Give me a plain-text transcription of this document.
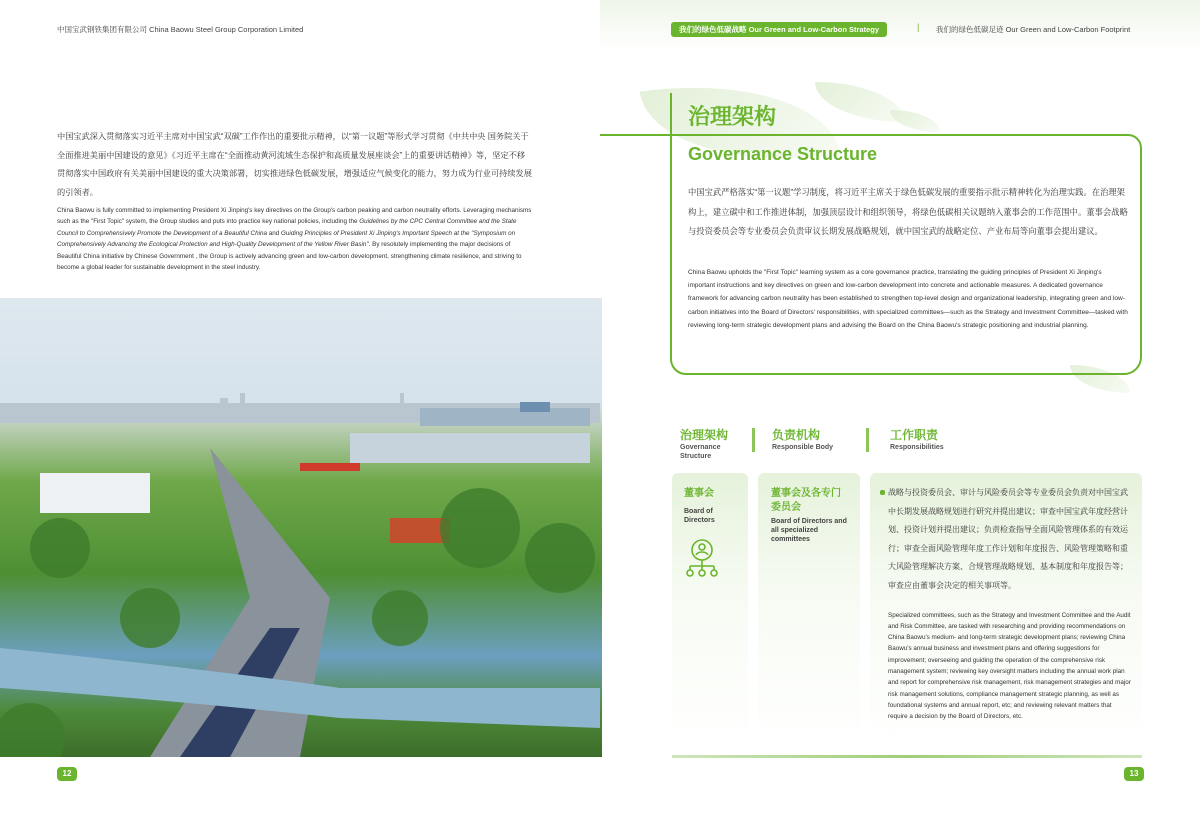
中国宝武钢铁集团有限公司 China Baowu Steel Group Corporation Limited	我们的绿色低碳战略 Our Green and Low-Carbon Strategy	| 我们的绿色低碳足迹 Our Green and Low-Carbon Footprint

中国宝武深入贯彻落实习近平主席对中国宝武“双碳”工作作出的重要批示精神，以“第一议题”等形式学习贯彻《中共中央 国务院关于全面推进美丽中国建设的意见》《习近平主席在“全面推动黄河流域生态保护和高质量发展座谈会”上的重要讲话精神》等，坚定不移贯彻落实中国政府有关美丽中国建设的重大决策部署，切实推进绿色低碳发展，增强适应气候变化的能力，努力成为行业可持续发展的引领者。

China Baowu is fully committed to implementing President Xi Jinping's key directives on the Group's carbon peaking and carbon neutrality efforts. Leveraging mechanisms such as the "First Topic" system, the Group studies and puts into practice key national policies, including the Guidelines by the CPC Central Committee and the State Council to Comprehensively Promote the Development of a Beautiful China and Guiding Principles of President Xi Jinping's Important Speech at the "Symposium on Comprehensively Advancing the Ecological Protection and High-Quality Development of the Yellow River Basin". By resolutely implementing the major decisions of Beautiful China initiative by Chinese Government , the Group is actively advancing green and low-carbon development, strengthening climate resilience, and striving to become a global leader for sustainable development in the steel industry.

12
治理架构
Governance Structure

中国宝武严格落实“第一议题”学习制度，将习近平主席关于绿色低碳发展的重要指示批示精神转化为治理实践。在治理架构上，建立碳中和工作推进体制，加强顶层设计和组织领导，将绿色低碳相关议题纳入董事会的工作范围中。董事会战略与投资委员会等专业委员会负责审议长期发展战略规划，就中国宝武的战略定位、产业布局等向董事会提出建议。

China Baowu upholds the "First Topic" learning system as a core governance practice, translating the guiding principles of President Xi Jinping's important instructions and key directives on green and low-carbon development into concrete and actionable measures. A dedicated governance framework for advancing carbon neutrality has been established to strengthen top-level design and organizational leadership, integrating green and low-carbon initiatives into the Board of Directors' responsibilities, with specialized committees—such as the Strategy and Investment Committee—tasked with reviewing long-term strategic development plans and advising the Board on the China Baowu's strategic positioning and industrial planning.

治理架构
Governance Structure
负责机构
Responsible Body
工作职责
Responsibilities
董事会
Board of Directors
董事会及各专门委员会
Board of Directors and all specialized committees
战略与投资委员会、审计与风险委员会等专业委员会负责对中国宝武中长期发展战略规划进行研究并提出建议；审查中国宝武年度经营计划、投资计划并提出建议；负责检查指导全面风险管理体系的有效运行；审查全面风险管理年度工作计划和年度报告、风险管理策略和重大风险管理解决方案、合规管理战略规划、基本制度和年度报告等；审查应由董事会决定的相关事项等。
Specialized committees, such as the Strategy and Investment Committee and the Audit and Risk Committee, are tasked with researching and providing recommendations on China Baowu's medium- and long-term strategic development plans; reviewing China Baowu's annual business and investment plans and offering suggestions for improvement; overseeing and guiding the operation of the comprehensive risk management system; reviewing key oversight matters including the annual work plan and report for comprehensive risk management, risk management strategies and major risk management solutions, compliance management strategic planning, as well as foundational systems and annual report, etc; and reviewing relevant matters that require a decision by the Board of Directors, etc.
13
